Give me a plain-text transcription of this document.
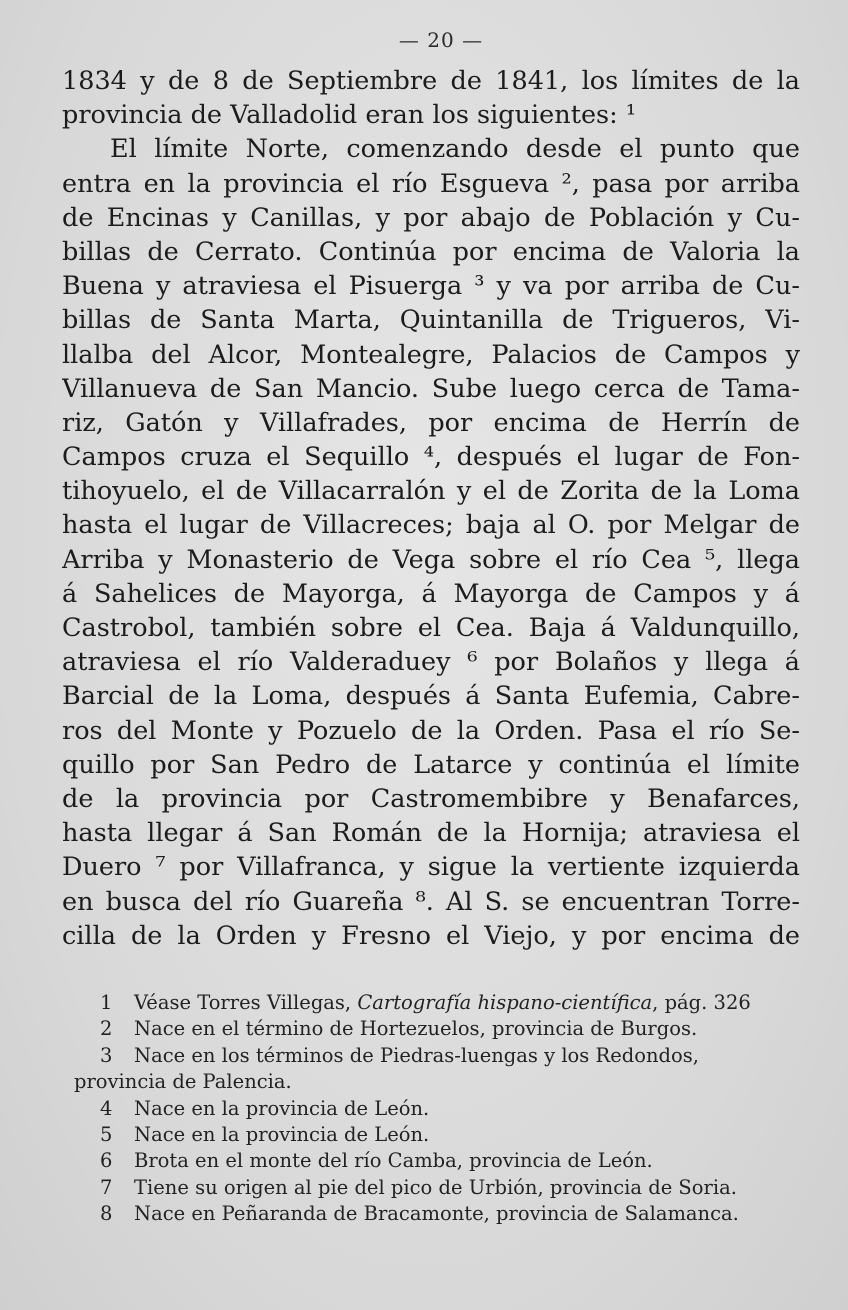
— 20 —
1834 y de 8 de Septiembre de 1841, los límites de la
provincia de Valladolid eran los siguientes: ¹
El límite Norte, comenzando desde el punto que
entra en la provincia el río Esgueva ², pasa por arriba
de Encinas y Canillas, y por abajo de Población y Cu-
billas de Cerrato. Continúa por encima de Valoria la
Buena y atraviesa el Pisuerga ³ y va por arriba de Cu-
billas de Santa Marta, Quintanilla de Trigueros, Vi-
llalba del Alcor, Montealegre, Palacios de Campos y
Villanueva de San Mancio. Sube luego cerca de Tama-
riz, Gatón y Villafrades, por encima de Herrín de
Campos cruza el Sequillo ⁴, después el lugar de Fon-
tihoyuelo, el de Villacarralón y el de Zorita de la Loma
hasta el lugar de Villacreces; baja al O. por Melgar de
Arriba y Monasterio de Vega sobre el río Cea ⁵, llega
á Sahelices de Mayorga, á Mayorga de Campos y á
Castrobol, también sobre el Cea. Baja á Valdunquillo,
atraviesa el río Valderaduey ⁶ por Bolaños y llega á
Barcial de la Loma, después á Santa Eufemia, Cabre-
ros del Monte y Pozuelo de la Orden. Pasa el río Se-
quillo por San Pedro de Latarce y continúa el límite
de la provincia por Castromembibre y Benafarces,
hasta llegar á San Román de la Hornija; atraviesa el
Duero ⁷ por Villafranca, y sigue la vertiente izquierda
en busca del río Guareña ⁸. Al S. se encuentran Torre-
cilla de la Orden y Fresno el Viejo, y por encima de
1 Véase Torres Villegas, Cartografía hispano-científica, pág. 326
2 Nace en el término de Hortezuelos, provincia de Burgos.
3 Nace en los términos de Piedras-luengas y los Redondos,
provincia de Palencia.
4 Nace en la provincia de León.
5 Nace en la provincia de León.
6 Brota en el monte del río Camba, provincia de León.
7 Tiene su origen al pie del pico de Urbión, provincia de Soria.
8 Nace en Peñaranda de Bracamonte, provincia de Salamanca.
